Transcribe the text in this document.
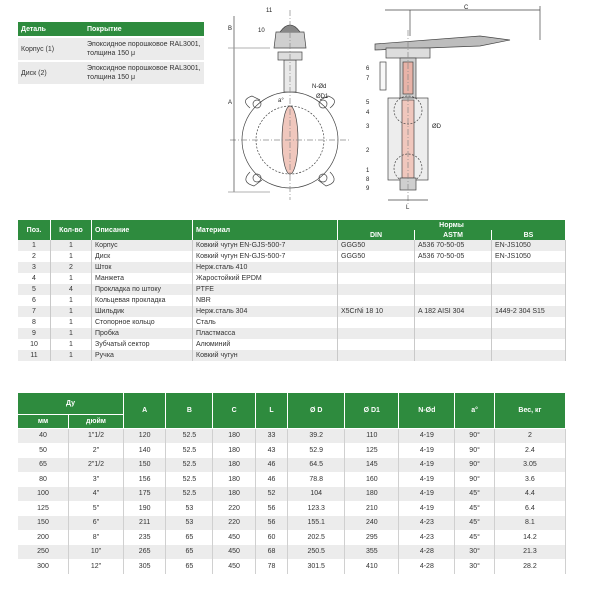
Деталь	Покрытие
Корпус (1)	Эпоксидное порошковое RAL3001, толщина 150 μ
Диск (2)	Эпоксидное порошковое RAL3001, толщина 150 μ
11
10
B
A
N-Ød
ØD1
a°
C
6
7
5
4
3
2
1
8
9
ØD
L
Поз.	Кол-во	Описание	Материал	Нормы		
				DIN	ASTM	BS
1	1	Корпус	Ковкий чугун EN-GJS-500-7	GGG50	A536 70-50-05	EN-JS1050
2	1	Диск	Ковкий чугун EN-GJS-500-7	GGG50	A536 70-50-05	EN-JS1050
3	2	Шток	Нерж.сталь 410			
4	1	Манжета	Жаростойкий EPDM			
5	4	Прокладка по штоку	PTFE			
6	1	Кольцевая прокладка	NBR			
7	1	Шильдик	Нерж.сталь 304	X5CrNi 18 10	A 182 AISI 304	1449-2 304 S15
8	1	Стопорное кольцо	Сталь			
9	1	Пробка	Пластмасса			
10	1	Зубчатый сектор	Алюминий			
11	1	Ручка	Ковкий чугун			
Ду		A	B	C	L	Ø D	Ø D1	N-Ød	a°	Вес, кг
мм	дюйм									
40	1"1/2	120	52.5	180	33	39.2	110	4-19	90°	2
50	2"	140	52.5	180	43	52.9	125	4-19	90°	2.4
65	2"1/2	150	52.5	180	46	64.5	145	4-19	90°	3.05
80	3"	156	52.5	180	46	78.8	160	4-19	90°	3.6
100	4"	175	52.5	180	52	104	180	4-19	45°	4.4
125	5"	190	53	220	56	123.3	210	4-19	45°	6.4
150	6"	211	53	220	56	155.1	240	4-23	45°	8.1
200	8"	235	65	450	60	202.5	295	4-23	45°	14.2
250	10"	265	65	450	68	250.5	355	4-28	30°	21.3
300	12"	305	65	450	78	301.5	410	4-28	30°	28.2
